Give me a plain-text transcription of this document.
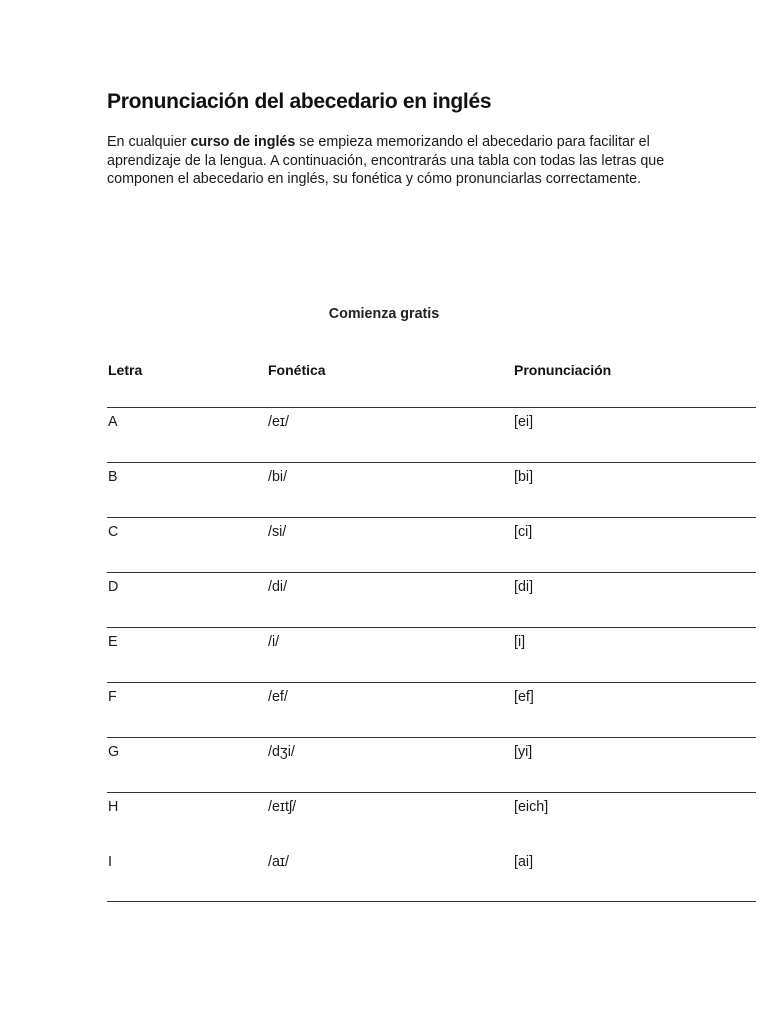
Pronunciación del abecedario en inglés

En cualquier curso de inglés se empieza memorizando el abecedario para facilitar el aprendizaje de la lengua. A continuación, encontrarás una tabla con todas las letras que componen el abecedario en inglés, su fonética y cómo pronunciarlas correctamente.

Comienza gratis
Letra	Fonética	Pronunciación
A	/eɪ/	[ei]
B	/bi/	[bi]
C	/si/	[ci]
D	/di/	[di]
E	/i/	[i]
F	/ef/	[ef]
G	/dʒi/	[yi]
H	/eɪtʃ/	[eich]
I	/aɪ/	[ai]
